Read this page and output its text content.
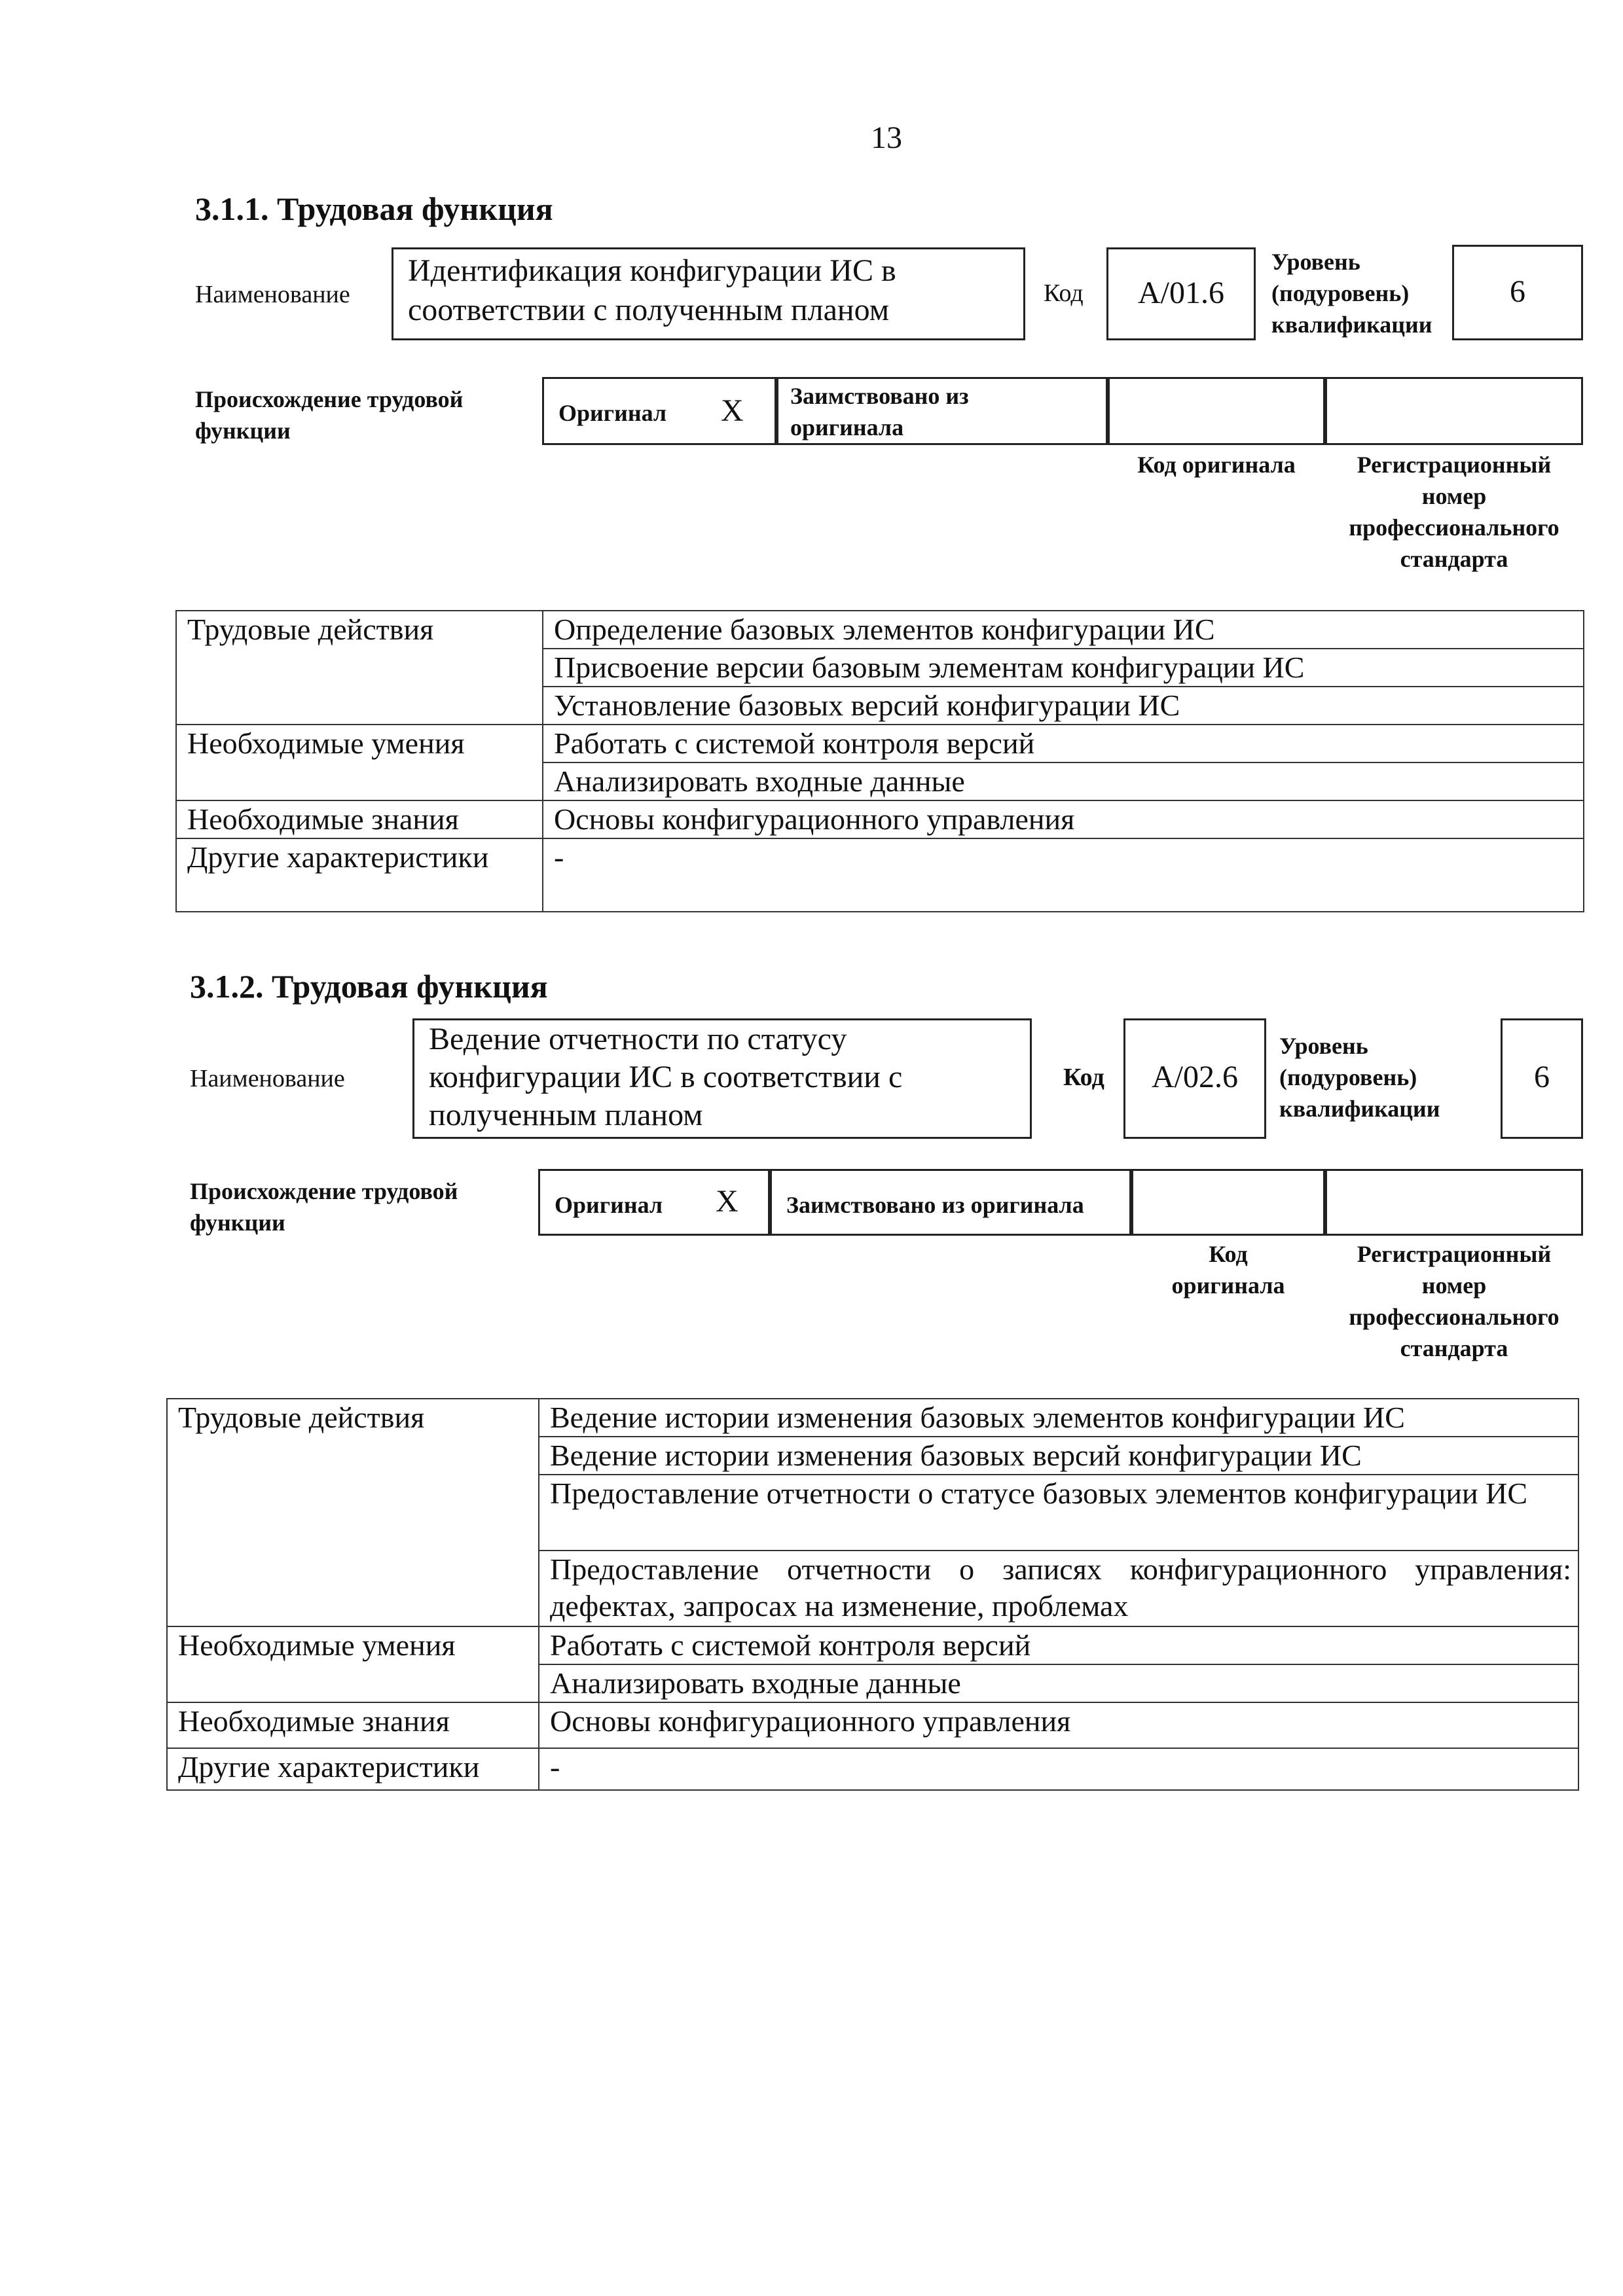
13
3.1.1. Трудовая функция
Наименование
Идентификация конфигурации ИС в
соответствии с полученным планом	Код	A/01.6
Уровень
(подуровень)
квалификации
6
Происхождение трудовой
функции
Оригинал X Заимствовано из
оригинала
Код оригинала	Регистрационный
номер
профессионального
стандарта
Трудовые действия	Определение базовых элементов конфигурации ИС
	Присвоение версии базовым элементам конфигурации ИС
	Установление базовых версий конфигурации ИС
Необходимые умения	Работать с системой контроля версий
	Анализировать входные данные
Необходимые знания	Основы конфигурационного управления
Другие характеристики	-
3.1.2. Трудовая функция
Наименование
Ведение отчетности по статусу
конфигурации ИС в соответствии с
полученным планом
Код	A/02.6
Уровень
(подуровень)
квалификации
6
Происхождение трудовой
функции
Оригинал X Заимствовано из оригинала
Код
оригинала
Регистрационный
номер
профессионального
стандарта
Трудовые действия	Ведение истории изменения базовых элементов конфигурации ИС
	Ведение истории изменения базовых версий конфигурации ИС
	Предоставление отчетности о статусе базовых элементов конфигурации ИС
	Предоставление отчетности о записях конфигурационного управления: дефектах, запросах на изменение, проблемах
Необходимые умения	Работать с системой контроля версий
	Анализировать входные данные
Необходимые знания	Основы конфигурационного управления
Другие характеристики	-
